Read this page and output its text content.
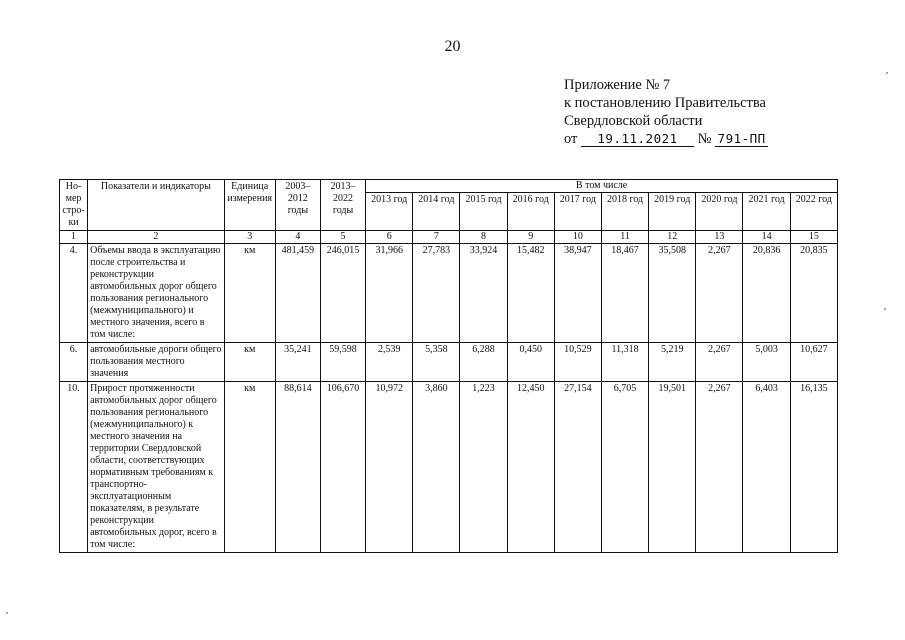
20
Приложение № 7
к постановлению Правительства
Свердловской области
от 19.11.2021 № 791-ПП
Но-мер стро-ки	Показатели и индикаторы	Единица измерения	2003–2012 годы	2013–2022 годы	В том числе									
					2013 год	2014 год	2015 год	2016 год	2017 год	2018 год	2019 год	2020 год	2021 год	2022 год
1	2	3	4	5	6	7	8	9	10	11	12	13	14	15
4.	Объемы ввода в эксплуатацию после строительства и реконструкции автомобильных дорог общего пользования регионального (межмуниципального) и местного значения, всего в том числе:	км	481,459	246,015	31,966	27,783	33,924	15,482	38,947	18,467	35,508	2,267	20,836	20,835
6.	автомобильные дороги общего пользования местного значения	км	35,241	59,598	2,539	5,358	6,288	0,450	10,529	11,318	5,219	2,267	5,003	10,627
10.	Прирост протяженности автомобильных дорог общего пользования регионального (межмуниципального) к местного значения на территории Свердловской области, соответствующих нормативным требованиям к транспортно-эксплуатационным показателям, в результате реконструкции автомобильных дорог, всего в том числе:	км	88,614	106,670	10,972	3,860	1,223	12,450	27,154	6,705	19,501	2,267	6,403	16,135
